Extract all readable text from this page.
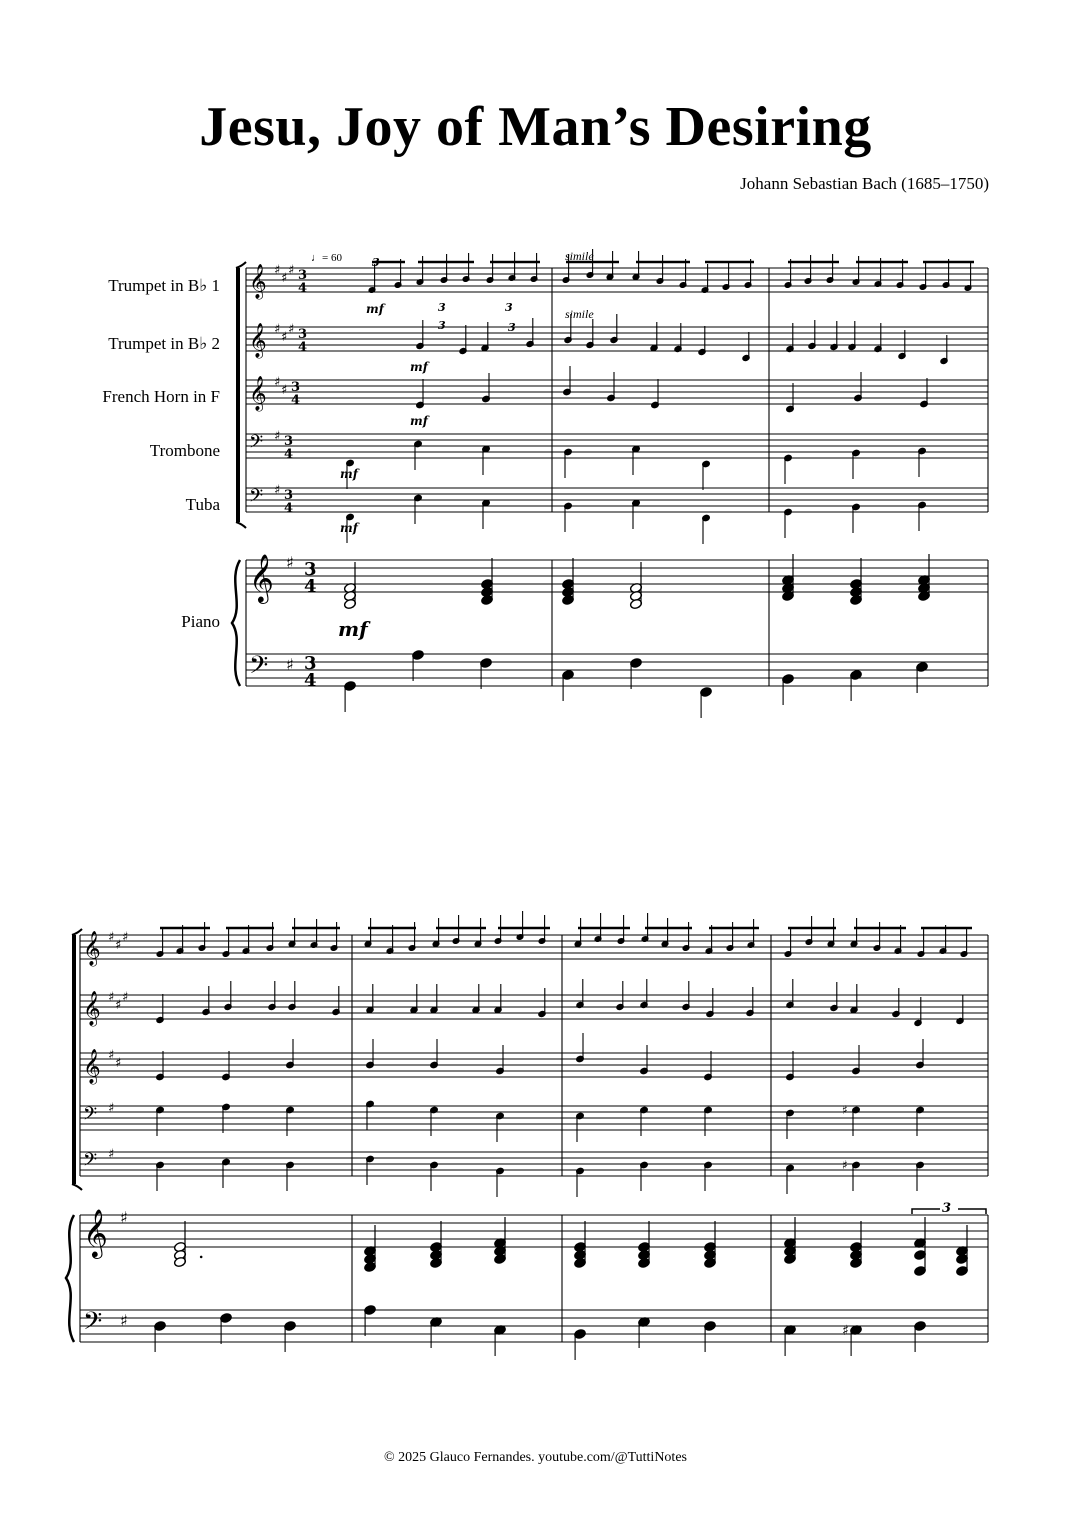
Jesu, Joy of Man’s Desiring
Johann Sebastian Bach (1685–1750)
Trumpet in B♭ 1
Trumpet in B♭ 2
French Horn in F
Trombone
Tuba
Piano
♩= 60	simile
simile
𝄞 ♯
♯
♯ 3
4
𝄞 ♯
♯
♯ 3
4
𝄞 ♯
♯ 3
4
𝄢 ♯ 3
4
𝄢 ♯ 3
4
𝄞 ♯ 3
4
𝄢 ♯ 3
4
𝄞 ♯
♯
♯
𝄞 ♯
♯
♯
𝄞 ♯
♯
𝄢 ♯
𝄢 ♯
𝄞 ♯
𝄢 ♯
mf
mf
mf
mf
mf
mf
3
3	3
3	3
♯
♯
.
3
♯
© 2025 Glauco Fernandes. youtube.com/@TuttiNotes
